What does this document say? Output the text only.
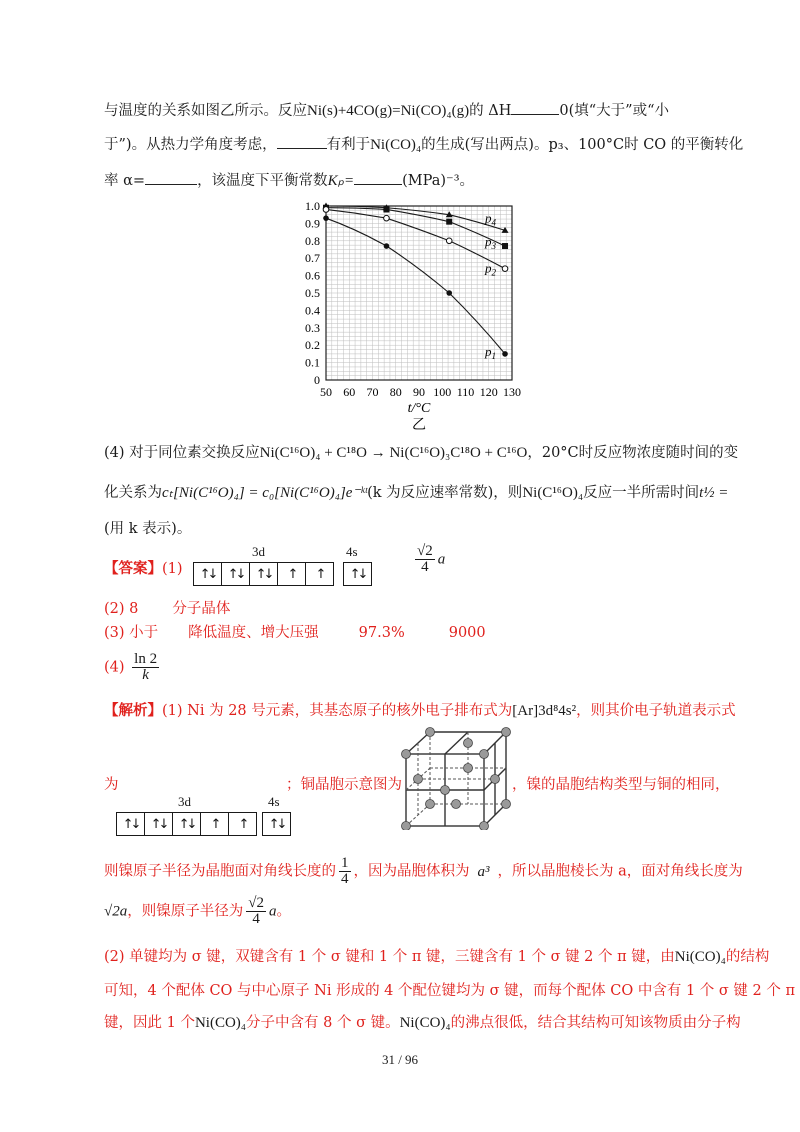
与温度的关系如图乙所示。反应Ni(s)+4CO(g)=Ni(CO)₄(g)的 ΔH	0(填“大于”或“小
于”)。从热力学角度考虑，	有利于Ni(CO)₄的生成(写出两点)。p₃、100°C时 CO 的平衡转化
率 α=	，该温度下平衡常数Kₚ=	(MPa)⁻³。
0
0.1
0.2
0.3
0.4
0.5
0.6
0.7
0.8
0.9
1.0
50 60 70 80 90 100 110 120 130
$p_4$
$p_3$
$p_2$
$p_1$
t/°C
乙
(4) 对于同位素交换反应Ni(C¹⁶O)₄ + C¹⁸O → Ni(C¹⁶O)₃C¹⁸O + C¹⁶O，20°C时反应物浓度随时间的变
化关系为cₜ[Ni(C¹⁶O)₄] = c₀[Ni(C¹⁶O)₄]e⁻ᵏᵗ(k 为反应速率常数)，则Ni(C¹⁶O)₄反应一半所需时间t½ =
(用 k 表示)。
【答案】(1)
3d	4s
↑↓ ↑↓ ↑↓	↑	↑	↑↓	$\frac{√2}{4}$ a
(2) 8 分子晶体
(3) 小于 降低温度、增大压强	97.3%	9000
$(4) \frac{\ln 2}{k}$
【解析】(1) Ni 为 28 号元素，其基态原子的核外电子排布式为[Ar]3d⁸4s²，则其价电子轨道表示式
为	；铜晶胞示意图为	，镍的晶胞结构类型与铜的相同，
3d	4s
↑↓ ↑↓ ↑↓	↑	↑	↑↓
则镍原子半径为晶胞面对角线长度的 $\frac{1}{4}$ ，因为晶胞体积为 a³ ，所以晶胞棱长为 a，面对角线长度为
√2a，则镍原子半径为 $\frac{√2}{4}$ a。
(2) 单键均为 σ 键，双键含有 1 个 σ 键和 1 个 π 键，三键含有 1 个 σ 键 2 个 π 键，由Ni(CO)₄的结构
可知，4 个配体 CO 与中心原子 Ni 形成的 4 个配位键均为 σ 键，而每个配体 CO 中含有 1 个 σ 键 2 个 π
键，因此 1 个Ni(CO)₄分子中含有 8 个 σ 键。Ni(CO)₄的沸点很低，结合其结构可知该物质由分子构
31 / 96
